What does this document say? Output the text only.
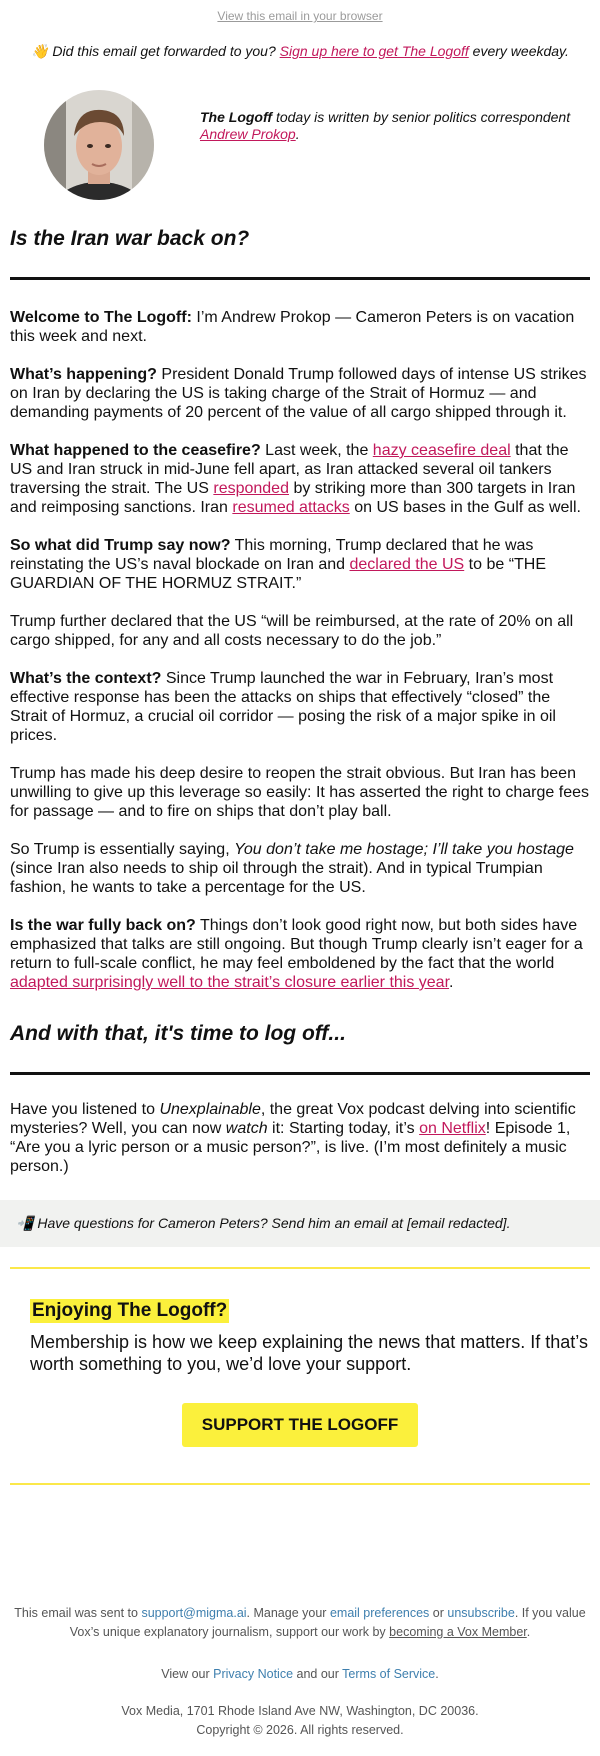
View this email in your browser
👋 Did this email get forwarded to you? Sign up here to get The Logoff every weekday.
The Logoff today is written by senior politics correspondent Andrew Prokop.
Is the Iran war back on?

Welcome to The Logoff: I’m Andrew Prokop — Cameron Peters is on vacation this week and next.

What’s happening? President Donald Trump followed days of intense US strikes on Iran by declaring the US is taking charge of the Strait of Hormuz — and demanding payments of 20 percent of the value of all cargo shipped through it.

What happened to the ceasefire? Last week, the hazy ceasefire deal that the US and Iran struck in mid-June fell apart, as Iran attacked several oil tankers traversing the strait. The US responded by striking more than 300 targets in Iran and reimposing sanctions. Iran resumed attacks on US bases in the Gulf as well.

So what did Trump say now? This morning, Trump declared that he was reinstating the US’s naval blockade on Iran and declared the US to be “THE GUARDIAN OF THE HORMUZ STRAIT.”

Trump further declared that the US “will be reimbursed, at the rate of 20% on all cargo shipped, for any and all costs necessary to do the job.”

What’s the context? Since Trump launched the war in February, Iran’s most effective response has been the attacks on ships that effectively “closed” the Strait of Hormuz, a crucial oil corridor — posing the risk of a major spike in oil prices.

Trump has made his deep desire to reopen the strait obvious. But Iran has been unwilling to give up this leverage so easily: It has asserted the right to charge fees for passage — and to fire on ships that don’t play ball.

So Trump is essentially saying, You don’t take me hostage; I’ll take you hostage (since Iran also needs to ship oil through the strait). And in typical Trumpian fashion, he wants to take a percentage for the US.

Is the war fully back on? Things don’t look good right now, but both sides have emphasized that talks are still ongoing. But though Trump clearly isn’t eager for a return to full-scale conflict, he may feel emboldened by the fact that the world adapted surprisingly well to the strait’s closure earlier this year.

And with that, it's time to log off...

Have you listened to Unexplainable, the great Vox podcast delving into scientific mysteries? Well, you can now watch it: Starting today, it’s on Netflix! Episode 1, “Are you a lyric person or a music person?”, is live. (I’m most definitely a music person.)

📲 Have questions for Cameron Peters? Send him an email at [email redacted].
Enjoying The Logoff?
Membership is how we keep explaining the news that matters. If that’s worth something to you, we’d love your support.
SUPPORT THE LOGOFF
This email was sent to support@migma.ai. Manage your email preferences or unsubscribe. If you value Vox’s unique explanatory journalism, support our work by becoming a Vox Member.
View our Privacy Notice and our Terms of Service.
Vox Media, 1701 Rhode Island Ave NW, Washington, DC 20036.
Copyright © 2026. All rights reserved.
